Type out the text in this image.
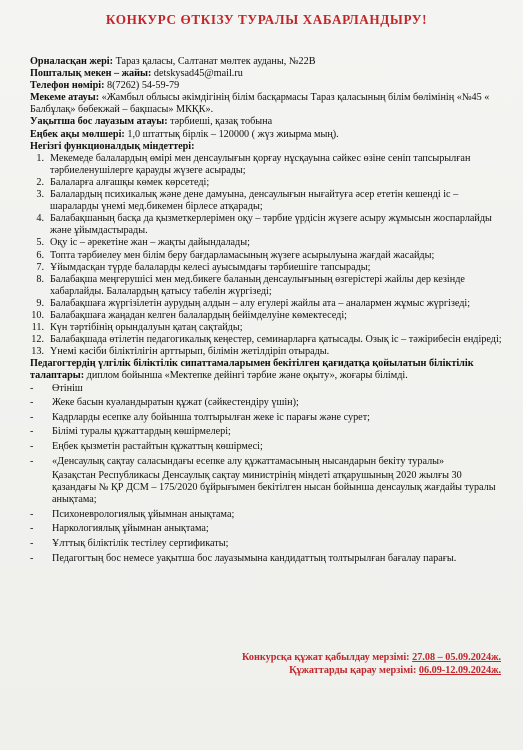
КОНКУРС ӨТКІЗУ ТУРАЛЫ ХАБАРЛАНДЫРУ!
Орналасқан жері: Тараз қаласы, Салтанат мөлтек ауданы, №22В
Пошталық мекен – жайы: detskysad45@mail.ru
Телефон нөмірі: 8(7262) 54-59-79
Мекеме атауы: «Жамбыл облысы әкімдігінің білім басқармасы Тараз қаласының білім бөлімінің «№45 « Балбұлақ» бөбекжай – бақшасы» МКҚК».
Уақытша бос лауазым атауы: тәрбиеші, қазақ тобына
Еңбек ақы мөлшері: 1,0 штаттық бірлік – 120000 ( жүз жиырма мың).
Негізгі функционалдық міндеттері:
1. Мекемеде балалардың өмірі мен денсаулығын қорғау нұсқауына сәйкес өзіне сеніп тапсырылған тәрбиеленушілерге қарауды жүзеге асырады;
2. Балаларға алғашқы көмек көрсетеді;
3. Балалардың психикалық және дене дамуына, денсаулығын нығайтуға әсер ететін кешенді іс – шараларды үнемі мед.бикемен бірлесе атқарады;
4. Балабақшаның басқа да қызметкерлерімен оқу – тәрбие үрдісін жүзеге асыру жұмысын жоспарлайды және ұйымдастырады.
5. Оқу іс – әрекетіне жан – жақты дайындалады;
6. Топта тәрбиелеу мен білім беру бағдарламасының жүзеге асырылуына жағдай жасайды;
7. Ұйымдасқан түрде балаларды келесі ауысымдағы тәрбиешіге тапсырады;
8. Балабақша меңгерушісі мен мед.бикеге баланың денсаулығының өзгерістері жайлы дер кезінде хабарлайды. Балалардың қатысу табелін жүргізеді;
9. Балабақшаға жүргізілетін аурудың алдын – алу егулері жайлы ата – аналармен жұмыс жүргізеді;
10. Балабақшаға жаңадан келген балалардың бейімделуіне көмектеседі;
11. Күн тәртібінің орындалуын қатаң сақтайды;
12. Балабақшада өтілетін педагогикалық кеңестер, семинарларға қатысады. Озық іс – тәжірибесін ендіреді;
13. Үнемі кәсіби біліктілігін арттырып, білімін жетілдіріп отырады.
Педагогтердің үлгілік біліктілік сипаттамаларымен бекітілген қағидатқа қойылатын біліктілік талаптары: диплом бойынша «Мектепке дейінгі тәрбие және оқыту», жоғары білімді.
-	Өтініш
-	Жеке басын куәландыратын құжат (сәйкестендіру үшін);
-	Кадрларды есепке алу бойынша толтырылған жеке іс парағы және сурет;
-	Білімі туралы құжаттардың көшірмелері;
-	Еңбек қызметін растайтын құжаттың көшірмесі;
-	«Денсаулық сақтау саласындағы есепке алу құжаттамасының нысандарын бекіту туралы»
Қазақстан Республикасы Денсаулық сақтау министрінің міндеті атқарушының 2020 жылғы 30 қазандағы № ҚР ДСМ – 175/2020 бұйрығымен бекітілген нысан бойынша денсаулық жағдайы туралы анықтама;
-	Психоневрологиялық ұйымнан анықтама;
-	Наркологиялық ұйымнан анықтама;
-	Ұлттық біліктілік тестілеу сертификаты;
-	Педагогтың бос немесе уақытша бос лауазымына кандидаттың толтырылған бағалау парағы.
Конкурсқа құжат қабылдау мерзімі: 27.08 – 05.09.2024ж.
Құжаттарды қарау мерзімі: 06.09-12.09.2024ж.
